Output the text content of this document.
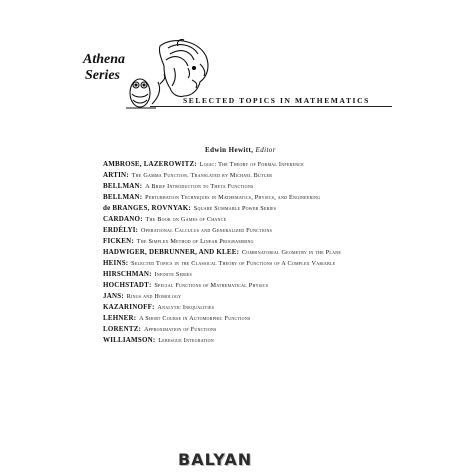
Athena
Series
SELECTED TOPICS IN MATHEMATICS
Edwin Hewitt, Editor
AMBROSE, LAZEROWITZ : Logic: The Theory of Formal Inference
ARTIN : The Gamma Function. Translated by Michael Butler
BELLMAN : A Brief Introduction to Theta Functions
BELLMAN : Perturbation Techniques in Mathematics, Physics, and Engineering
de BRANGES, ROVNYAK : Square Summable Power Series
CARDANO : The Book on Games of Chance
ERDÉLYI : Operational Calculus and Generalized Functions
FICKEN : The Simplex Method of Linear Programming
HADWIGER, DEBRUNNER, AND KLEE : Combinatorial Geometry in the Plane
HEINS : Selected Topics in the Classical Theory of Functions of A Complex Variable
HIRSCHMAN : Infinite Series
HOCHSTADT : Special Functions of Mathematical Physics
JANS : Rings and Homology
KAZARINOFF : Analytic Inequalities
LEHNER : A Short Course in Automorphic Functions
LORENTZ : Approximation of Functions
WILLIAMSON : Lebesgue Integration
BALYAN
